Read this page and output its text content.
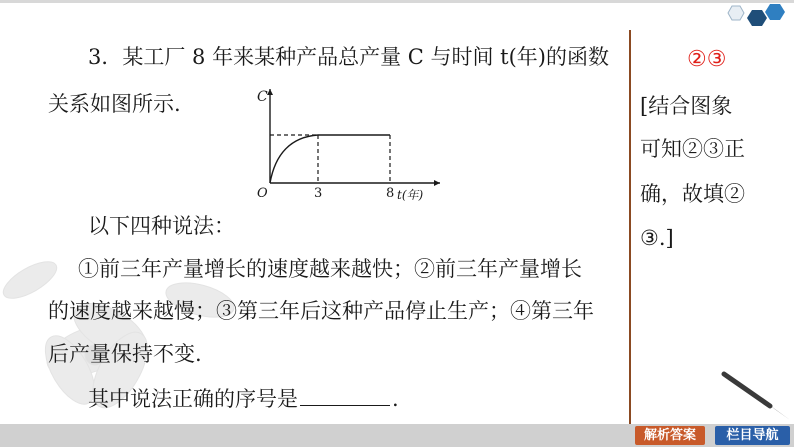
3．某工厂 8 年来某种产品总产量 C 与时间 t(年)的函数
关系如图所示.	C
O	3	8 t(年)
以下四种说法：
①前三年产量增长的速度越来越快；②前三年产量增长
的速度越来越慢；③第三年后这种产品停止生产；④第三年
后产量保持不变.
其中说法正确的序号是	.
②③
[结合图象
可知②③正
确，故填②
③.]
解析答案	栏目导航
